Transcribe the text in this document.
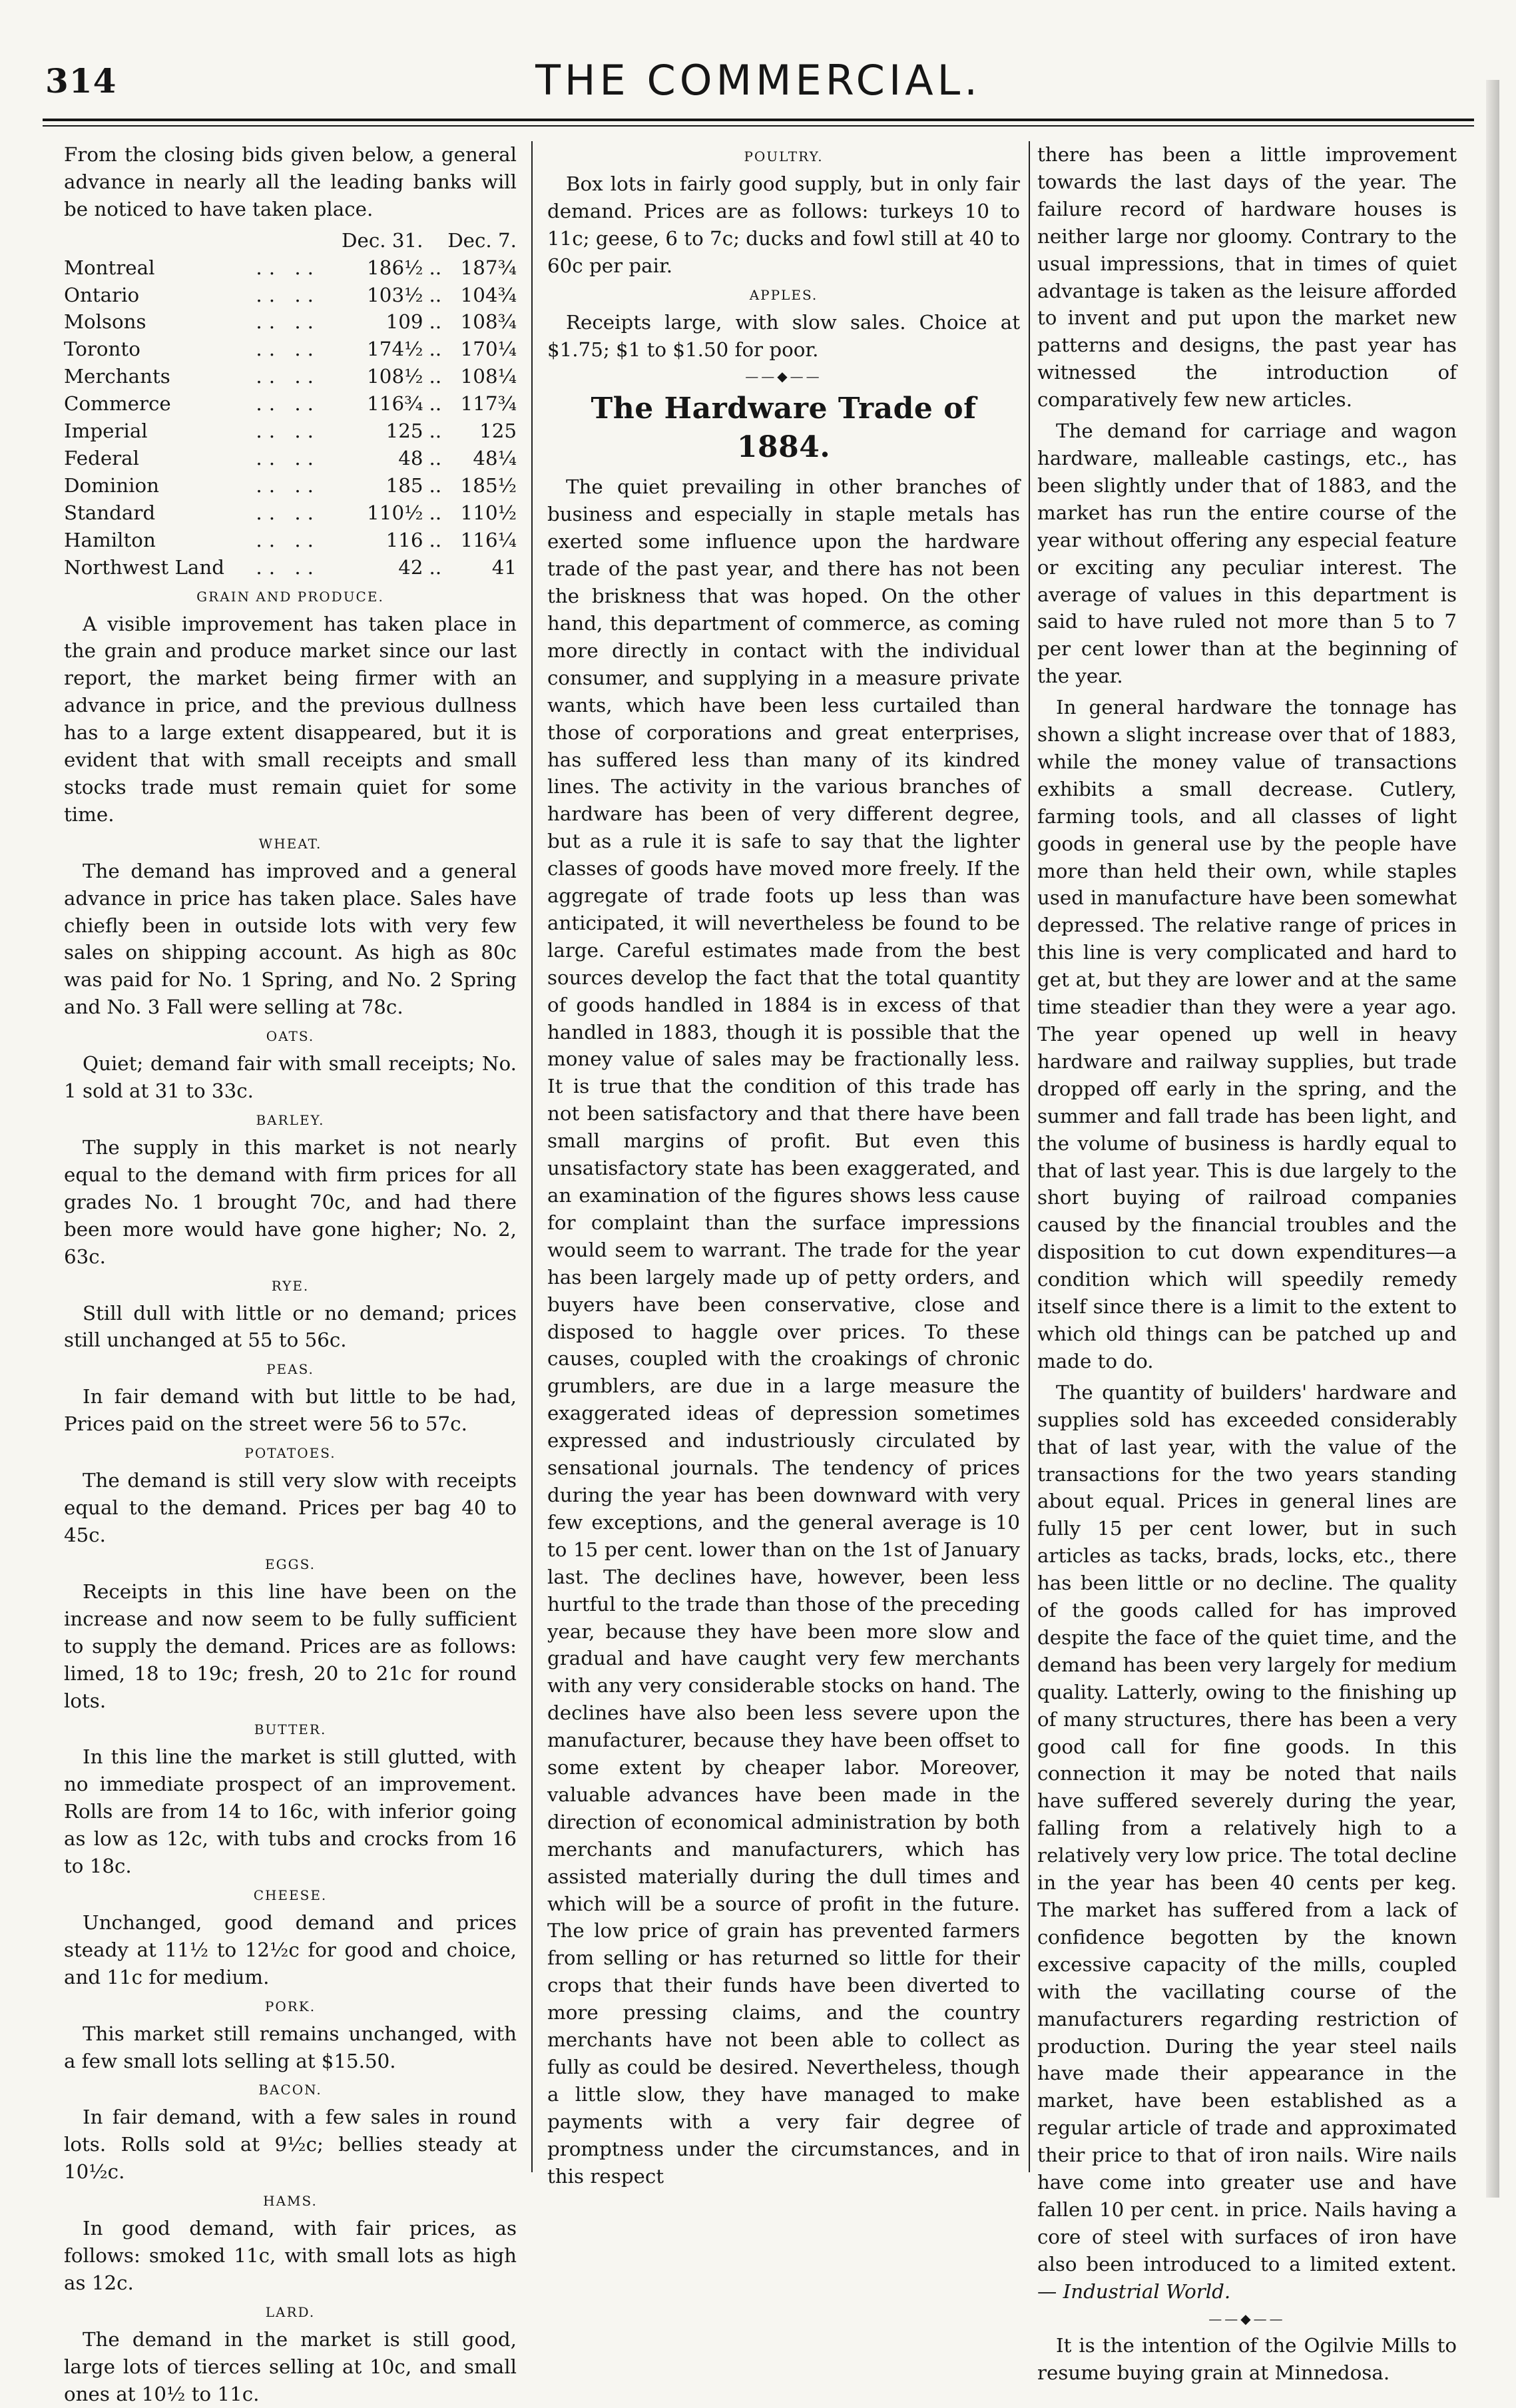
314	THE COMMERCIAL.

From the closing bids given below, a general advance in nearly all the leading banks will be noticed to have taken place.

		Dec. 31.		Dec. 7.
Montreal	.. ..	186½	..	187¾
Ontario	.. ..	103½	..	104¾
Molsons	.. ..	109	..	108¾
Toronto	.. ..	174½	..	170¼
Merchants	.. ..	108½	..	108¼
Commerce	.. ..	116¾	..	117¾
Imperial	.. ..	125	..	125
Federal	.. ..	48	..	48¼
Dominion	.. ..	185	..	185½
Standard	.. ..	110½	..	110½
Hamilton	.. ..	116	..	116¼
Northwest Land	.. ..	42	..	41
GRAIN AND PRODUCE.

A visible improvement has taken place in the grain and produce market since our last report, the market being firmer with an advance in price, and the previous dullness has to a large extent disappeared, but it is evident that with small receipts and small stocks trade must remain quiet for some time.

WHEAT.

The demand has improved and a general advance in price has taken place. Sales have chiefly been in outside lots with very few sales on shipping account. As high as 80c was paid for No. 1 Spring, and No. 2 Spring and No. 3 Fall were selling at 78c.

OATS.

Quiet; demand fair with small receipts; No. 1 sold at 31 to 33c.

BARLEY.

The supply in this market is not nearly equal to the demand with firm prices for all grades No. 1 brought 70c, and had there been more would have gone higher; No. 2, 63c.

RYE.

Still dull with little or no demand; prices still unchanged at 55 to 56c.

PEAS.

In fair demand with but little to be had, Prices paid on the street were 56 to 57c.

POTATOES.

The demand is still very slow with receipts equal to the demand. Prices per bag 40 to 45c.

EGGS.

Receipts in this line have been on the increase and now seem to be fully sufficient to supply the demand. Prices are as follows: limed, 18 to 19c; fresh, 20 to 21c for round lots.

BUTTER.

In this line the market is still glutted, with no immediate prospect of an improvement. Rolls are from 14 to 16c, with inferior going as low as 12c, with tubs and crocks from 16 to 18c.

CHEESE.

Unchanged, good demand and prices steady at 11½ to 12½c for good and choice, and 11c for medium.

PORK.

This market still remains unchanged, with a few small lots selling at $15.50.

BACON.

In fair demand, with a few sales in round lots. Rolls sold at 9½c; bellies steady at 10½c.

HAMS.

In good demand, with fair prices, as follows: smoked 11c, with small lots as high as 12c.

LARD.

The demand in the market is still good, large lots of tierces selling at 10c, and small ones at 10½ to 11c.

POULTRY.

Box lots in fairly good supply, but in only fair demand. Prices are as follows: turkeys 10 to 11c; geese, 6 to 7c; ducks and fowl still at 40 to 60c per pair.

APPLES.

Receipts large, with slow sales. Choice at $1.75; $1 to $1.50 for poor.

——◆——
The Hardware Trade of 1884.

The quiet prevailing in other branches of business and especially in staple metals has exerted some influence upon the hardware trade of the past year, and there has not been the briskness that was hoped. On the other hand, this department of commerce, as coming more directly in contact with the individual consumer, and supplying in a measure private wants, which have been less curtailed than those of corporations and great enterprises, has suffered less than many of its kindred lines. The activity in the various branches of hardware has been of very different degree, but as a rule it is safe to say that the lighter classes of goods have moved more freely. If the aggregate of trade foots up less than was anticipated, it will nevertheless be found to be large. Careful estimates made from the best sources develop the fact that the total quantity of goods handled in 1884 is in excess of that handled in 1883, though it is possible that the money value of sales may be fractionally less. It is true that the condition of this trade has not been satisfactory and that there have been small margins of profit. But even this unsatisfactory state has been exaggerated, and an examination of the figures shows less cause for complaint than the surface impressions would seem to warrant. The trade for the year has been largely made up of petty orders, and buyers have been conservative, close and disposed to haggle over prices. To these causes, coupled with the croakings of chronic grumblers, are due in a large measure the exaggerated ideas of depression sometimes expressed and industriously circulated by sensational journals. The tendency of prices during the year has been downward with very few exceptions, and the general average is 10 to 15 per cent. lower than on the 1st of January last. The declines have, however, been less hurtful to the trade than those of the preceding year, because they have been more slow and gradual and have caught very few merchants with any very considerable stocks on hand. The declines have also been less severe upon the manufacturer, because they have been offset to some extent by cheaper labor. Moreover, valuable advances have been made in the direction of economical administration by both merchants and manufacturers, which has assisted materially during the dull times and which will be a source of profit in the future. The low price of grain has prevented farmers from selling or has returned so little for their crops that their funds have been diverted to more pressing claims, and the country merchants have not been able to collect as fully as could be desired. Nevertheless, though a little slow, they have managed to make payments with a very fair degree of promptness under the circumstances, and in this respect

there has been a little improvement towards the last days of the year. The failure record of hardware houses is neither large nor gloomy. Contrary to the usual impressions, that in times of quiet advantage is taken as the leisure afforded to invent and put upon the market new patterns and designs, the past year has witnessed the introduction of comparatively few new articles.

The demand for carriage and wagon hardware, malleable castings, etc., has been slightly under that of 1883, and the market has run the entire course of the year without offering any especial feature or exciting any peculiar interest. The average of values in this department is said to have ruled not more than 5 to 7 per cent lower than at the beginning of the year.

In general hardware the tonnage has shown a slight increase over that of 1883, while the money value of transactions exhibits a small decrease. Cutlery, farming tools, and all classes of light goods in general use by the people have more than held their own, while staples used in manufacture have been somewhat depressed. The relative range of prices in this line is very complicated and hard to get at, but they are lower and at the same time steadier than they were a year ago. The year opened up well in heavy hardware and railway supplies, but trade dropped off early in the spring, and the summer and fall trade has been light, and the volume of business is hardly equal to that of last year. This is due largely to the short buying of railroad companies caused by the financial troubles and the disposition to cut down expenditures—a condition which will speedily remedy itself since there is a limit to the extent to which old things can be patched up and made to do.

The quantity of builders' hardware and supplies sold has exceeded considerably that of last year, with the value of the transactions for the two years standing about equal. Prices in general lines are fully 15 per cent lower, but in such articles as tacks, brads, locks, etc., there has been little or no decline. The quality of the goods called for has improved despite the face of the quiet time, and the demand has been very largely for medium quality. Latterly, owing to the finishing up of many structures, there has been a very good call for fine goods. In this connection it may be noted that nails have suffered severely during the year, falling from a relatively high to a relatively very low price. The total decline in the year has been 40 cents per keg. The market has suffered from a lack of confidence begotten by the known excessive capacity of the mills, coupled with the vacillating course of the manufacturers regarding restriction of production. During the year steel nails have made their appearance in the market, have been established as a regular article of trade and approximated their price to that of iron nails. Wire nails have come into greater use and have fallen 10 per cent. in price. Nails having a core of steel with surfaces of iron have also been introduced to a limited extent.— Industrial World.

——◆——

It is the intention of the Ogilvie Mills to resume buying grain at Minnedosa.
